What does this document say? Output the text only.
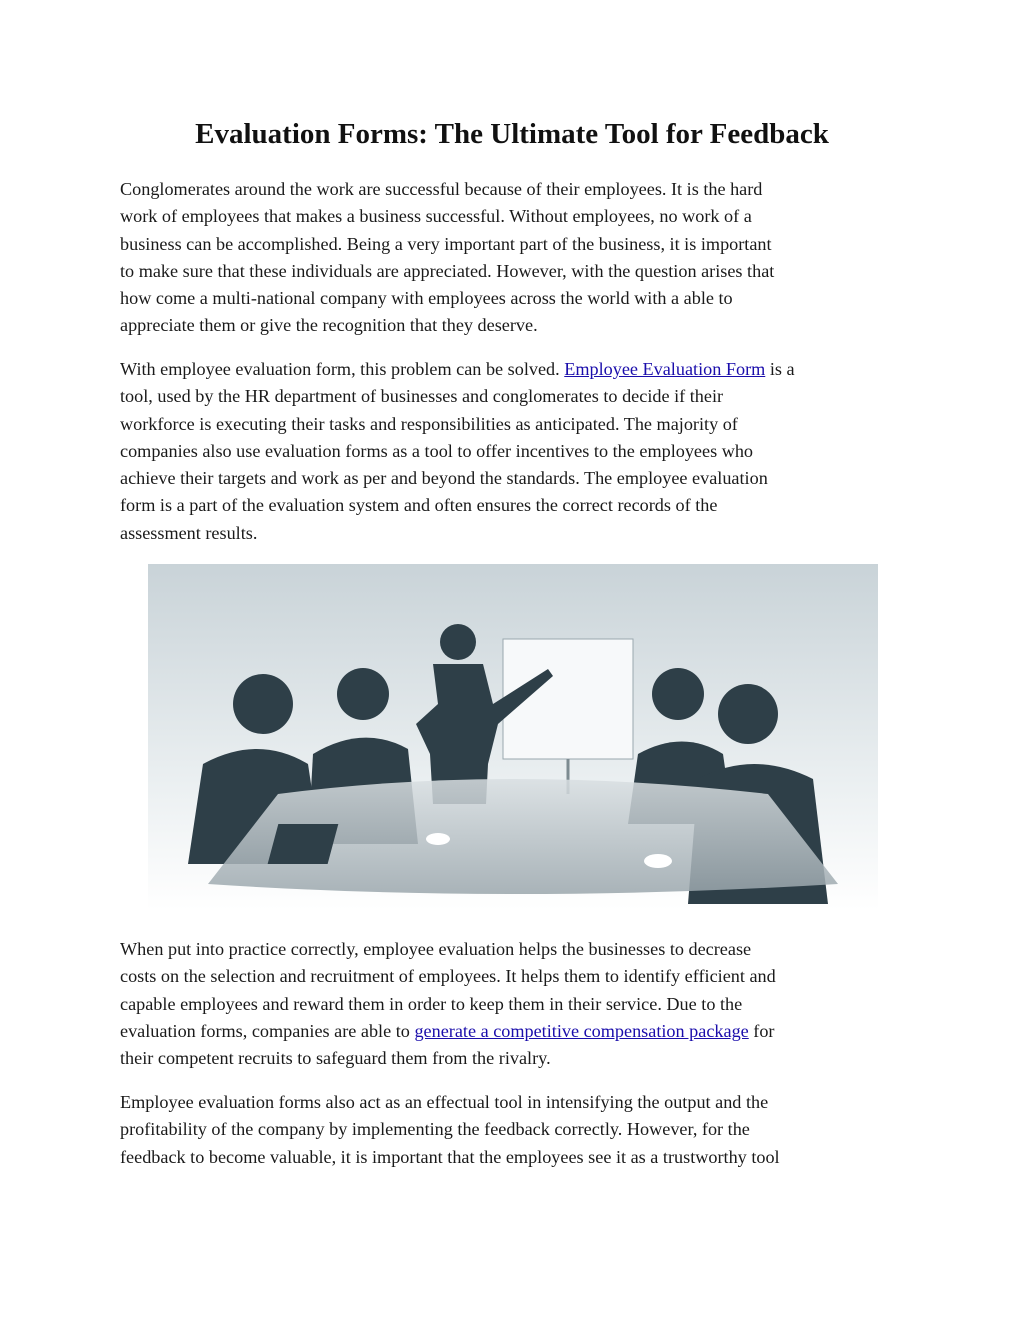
Evaluation Forms: The Ultimate Tool for Feedback
Conglomerates around the work are successful because of their employees. It is the hard
work of employees that makes a business successful. Without employees, no work of a
business can be accomplished. Being a very important part of the business, it is important
to make sure that these individuals are appreciated. However, with the question arises that
how come a multi-national company with employees across the world with a able to
appreciate them or give the recognition that they deserve.
With employee evaluation form, this problem can be solved. Employee Evaluation Form is a
tool, used by the HR department of businesses and conglomerates to decide if their
workforce is executing their tasks and responsibilities as anticipated. The majority of
companies also use evaluation forms as a tool to offer incentives to the employees who
achieve their targets and work as per and beyond the standards. The employee evaluation
form is a part of the evaluation system and often ensures the correct records of the
assessment results.
When put into practice correctly, employee evaluation helps the businesses to decrease
costs on the selection and recruitment of employees. It helps them to identify efficient and
capable employees and reward them in order to keep them in their service. Due to the
evaluation forms, companies are able to generate a competitive compensation package for
their competent recruits to safeguard them from the rivalry.
Employee evaluation forms also act as an effectual tool in intensifying the output and the
profitability of the company by implementing the feedback correctly. However, for the
feedback to become valuable, it is important that the employees see it as a trustworthy tool
